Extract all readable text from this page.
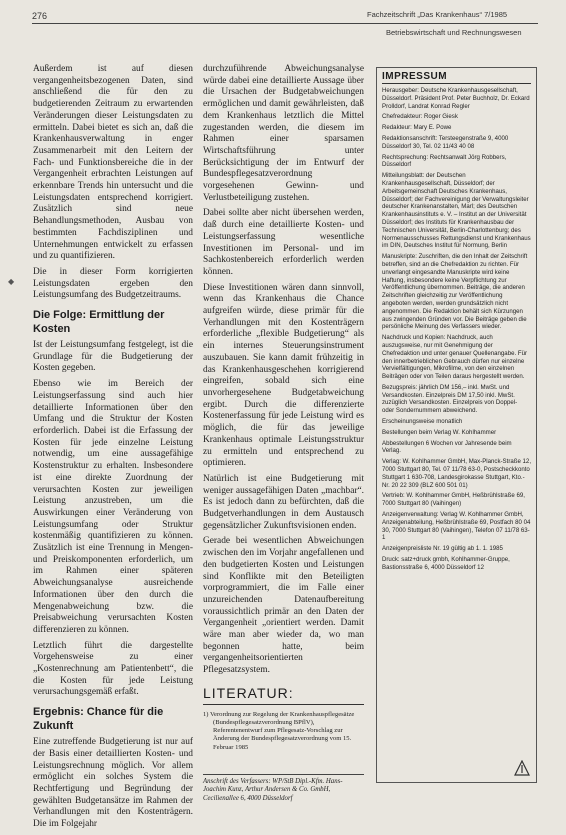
276	Fachzeitschrift „Das Krankenhaus“ 7/1985
Betriebswirtschaft und Rechnungswesen
◆

Außerdem ist auf diesen vergangenheitsbezogenen Daten, sind anschließend die für den zu budgetierenden Zeitraum zu erwartenden Veränderungen dieser Leistungsdaten zu ermitteln. Dabei bietet es sich an, daß die Krankenhausverwaltung in enger Zusammenarbeit mit den Leitern der Fach- und Funktionsbereiche die in der Vergangenheit erbrachten Leistungen auf erkennbare Trends hin untersucht und die Leistungsdaten entsprechend korrigiert. Zusätzlich sind neue Behandlungsmethoden, Ausbau von bestimmten Fachdisziplinen und Unternehmungen entwickelt zu erfassen und zu quantifizieren.

Die in dieser Form korrigierten Leistungsdaten ergeben den Leistungsumfang des Budgetzeitraums.

Die Folge: Ermittlung der Kosten

Ist der Leistungsumfang festgelegt, ist die Grundlage für die Budgetierung der Kosten gegeben.

Ebenso wie im Bereich der Leistungserfassung sind auch hier detaillierte Informationen über den Umfang und die Struktur der Kosten erforderlich. Dabei ist die Erfassung der Kosten für jede einzelne Leistung notwendig, um eine aussagefähige Kostenstruktur zu erhalten. Insbesondere ist eine direkte Zuordnung der verursachten Kosten zur jeweiligen Leistung anzustreben, um die Auswirkungen einer Veränderung von Leistungsumfang oder Struktur kostenmäßig quantifizieren zu können. Zusätzlich ist eine Trennung in Mengen- und Preiskomponenten erforderlich, um im Rahmen einer späteren Abweichungsanalyse ausreichende Informationen über den durch die Mengenabweichung bzw. die Preisabweichung verursachten Kosten differenzieren zu können.

Letztlich führt die dargestellte Vorgehensweise zu einer „Kostenrechnung am Patientenbett“, die die Kosten für jede Leistung verursachungsgemäß erfaßt.

Ergebnis: Chance für die Zukunft

Eine zutreffende Budgetierung ist nur auf der Basis einer detaillierten Kosten- und Leistungsrechnung möglich. Vor allem ermöglicht ein solches System die Rechtfertigung und Begründung der gewählten Budgetansätze im Rahmen der Verhandlungen mit den Kostenträgern. Die im Folgejahr

durchzuführende Abweichungsanalyse würde dabei eine detaillierte Aussage über die Ursachen der Budgetabweichungen ermöglichen und damit gewährleisten, daß dem Krankenhaus letztlich die Mittel zugestanden werden, die diesem im Rahmen einer sparsamen Wirtschaftsführung unter Berücksichtigung der im Entwurf der Bundespflegesatzverordnung vorgesehenen Gewinn- und Verlustbeteiligung zustehen.

Dabei sollte aber nicht übersehen werden, daß durch eine detaillierte Kosten- und Leistungserfassung wesentliche Investitionen im Personal- und im Sachkostenbereich erforderlich werden können.

Diese Investitionen wären dann sinnvoll, wenn das Krankenhaus die Chance aufgreifen würde, diese primär für die Verhandlungen mit den Kostenträgern erforderliche „flexible Budgetierung“ als ein internes Steuerungsinstrument auszubauen. Sie kann damit frühzeitig in das Krankenhausgeschehen korrigierend eingreifen, sobald sich eine unvorhergesehene Budgetabweichung ergibt. Durch die differenzierte Kostenerfassung für jede Leistung wird es möglich, die für das jeweilige Krankenhaus optimale Leistungsstruktur zu ermitteln und entsprechend zu optimieren.

Natürlich ist eine Budgetierung mit weniger aussagefähigen Daten „machbar“. Es ist jedoch dann zu befürchten, daß die Budgetverhandlungen in dem Austausch gegensätzlicher Zukunftsvisionen enden.

Gerade bei wesentlichen Abweichungen zwischen den im Vorjahr angefallenen und den budgetierten Kosten und Leistungen sind Konflikte mit den Beteiligten vorprogrammiert, die im Falle einer unzureichenden Datenaufbereitung voraussichtlich primär an den Daten der Vergangenheit „orientiert werden. Damit wäre man aber wieder da, wo man begonnen hatte, beim vergangenheitsorientierten Pflegesatzsystem.

LITERATUR:

1) Verordnung zur Regelung der Krankenhauspflegesätze (Bundespflegesatzverordnung BPflV), Referentenentwurf zum Pflegesatz-Vorschlag zur Änderung der Bundespflegesatzverordnung vom 15. Februar 1985

Anschrift des Verfassers: WP/StB Dipl.-Kfm. Hans-Joachim Kunz, Arthur Andersen & Co. GmbH, Cecilienallee 6, 4000 Düsseldorf
IMPRESSUM

Herausgeber: Deutsche Krankenhausgesellschaft, Düsseldorf. Präsident Prof. Peter Buchholz, Dr. Eckard Prolldorf, Landrat Konrad Regler

Chefredakteur: Roger Giesk

Redakteur: Mary E. Powe

Redaktionsanschrift: Tersteegenstraße 9, 4000 Düsseldorf 30, Tel. 02 11/43 40 08

Rechtsprechung: Rechtsanwalt Jörg Robbers, Düsseldorf

Mitteilungsblatt: der Deutschen Krankenhausgesellschaft, Düsseldorf; der Arbeitsgemeinschaft Deutsches Krankenhaus, Düsseldorf; der Fachvereinigung der Verwaltungsleiter deutscher Krankenanstalten, Marl; des Deutschen Krankenhausinstituts e. V. – Institut an der Universität Düsseldorf; des Instituts für Krankenhausbau der Technischen Universität, Berlin-Charlottenburg; des Normenausschusses Rettungsdienst und Krankenhaus im DIN, Deutsches Institut für Normung, Berlin

Manuskripte: Zuschriften, die den Inhalt der Zeitschrift betreffen, sind an die Chefredaktion zu richten. Für unverlangt eingesandte Manuskripte wird keine Haftung, insbesondere keine Verpflichtung zur Veröffentlichung übernommen. Beiträge, die anderen Zeitschriften gleichzeitig zur Veröffentlichung angeboten werden, werden grundsätzlich nicht angenommen. Die Redaktion behält sich Kürzungen aus zwingenden Gründen vor. Die Beiträge geben die persönliche Meinung des Verfassers wieder.

Nachdruck und Kopien: Nachdruck, auch auszugsweise, nur mit Genehmigung der Chefredaktion und unter genauer Quellenangabe. Für den innerbetrieblichen Gebrauch dürfen nur einzelne Vervielfältigungen, Mikrofilme, von den einzelnen Beiträgen oder von Teilen daraus hergestellt werden.

Bezugspreis: jährlich DM 156,– inkl. MwSt. und Versandkosten. Einzelpreis DM 17,50 inkl. MwSt. zuzüglich Versandkosten. Einzelpreis von Doppel- oder Sondernummern abweichend.

Erscheinungsweise monatlich

Bestellungen beim Verlag W. Kohlhammer

Abbestellungen 6 Wochen vor Jahresende beim Verlag.

Verlag: W. Kohlhammer GmbH, Max-Planck-Straße 12, 7000 Stuttgart 80, Tel. 07 11/78 63-0, Postscheckkonto Stuttgart 1 630-708, Landesgirokasse Stuttgart, Kto.-Nr. 20 22 309 (BLZ 600 501 01)

Vertrieb: W. Kohlhammer GmbH, Heßbrühlstraße 69, 7000 Stuttgart 80 (Vaihingen)

Anzeigenverwaltung: Verlag W. Kohlhammer GmbH, Anzeigenabteilung, Heßbrühlstraße 69, Postfach 80 04 30, 7000 Stuttgart 80 (Vaihingen), Telefon 07 11/78 63-1

Anzeigenpreisliste Nr. 19 gültig ab 1. 1. 1985

Druck: satz+druck gmbh, Kohlhammer-Gruppe, Bastionsstraße 6, 4000 Düsseldorf 12
